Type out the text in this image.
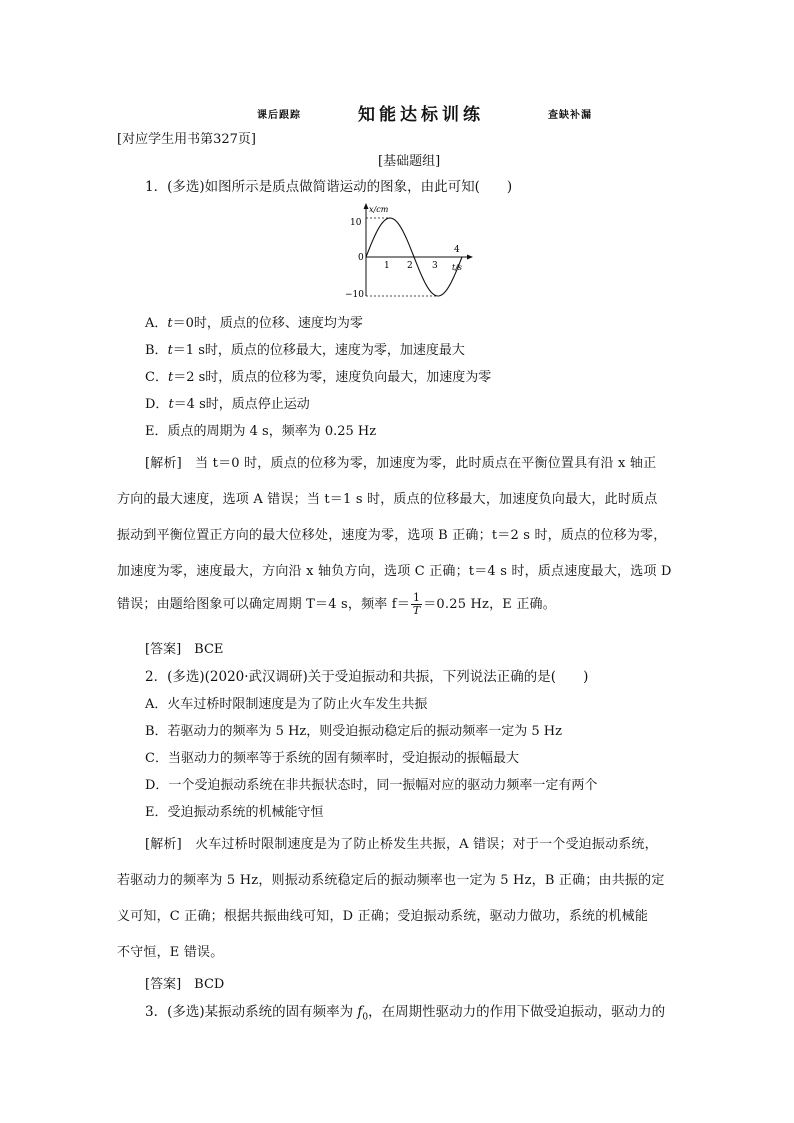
课后跟踪	知能达标训练	查缺补漏
[对应学生用书第327页]
[基础题组]
1．(多选)如图所示是质点做简谐运动的图象，由此可知(　　)
x/cm
t/s
10
0
−10
1 2 3
4
A．t＝0时，质点的位移、速度均为零
B．t＝1 s时，质点的位移最大，速度为零，加速度最大
C．t＝2 s时，质点的位移为零，速度负向最大，加速度为零
D．t＝4 s时，质点停止运动
E．质点的周期为 4 s，频率为 0.25 Hz
[解析]　当 t＝0 时，质点的位移为零，加速度为零，此时质点在平衡位置具有沿 x 轴正
方向的最大速度，选项 A 错误；当 t＝1 s 时，质点的位移最大，加速度负向最大，此时质点
振动到平衡位置正方向的最大位移处，速度为零，选项 B 正确；t＝2 s 时，质点的位移为零，
加速度为零，速度最大，方向沿 x 轴负方向，选项 C 正确；t＝4 s 时，质点速度最大，选项 D
错误；由题给图象可以确定周期 T＝4 s，频率 $f= \frac{1}{T} =0.25$ Hz，E 正确。
[答案]　BCE
2．(多选)(2020·武汉调研)关于受迫振动和共振，下列说法正确的是(　　)
A．火车过桥时限制速度是为了防止火车发生共振
B．若驱动力的频率为 5 Hz，则受迫振动稳定后的振动频率一定为 5 Hz
C．当驱动力的频率等于系统的固有频率时，受迫振动的振幅最大
D．一个受迫振动系统在非共振状态时，同一振幅对应的驱动力频率一定有两个
E．受迫振动系统的机械能守恒
[解析]　火车过桥时限制速度是为了防止桥发生共振，A 错误；对于一个受迫振动系统，
若驱动力的频率为 5 Hz，则振动系统稳定后的振动频率也一定为 5 Hz，B 正确；由共振的定
义可知，C 正确；根据共振曲线可知，D 正确；受迫振动系统，驱动力做功，系统的机械能
不守恒，E 错误。
[答案]　BCD
3．(多选)某振动系统的固有频率为 $f_0$，在周期性驱动力的作用下做受迫振动，驱动力的
